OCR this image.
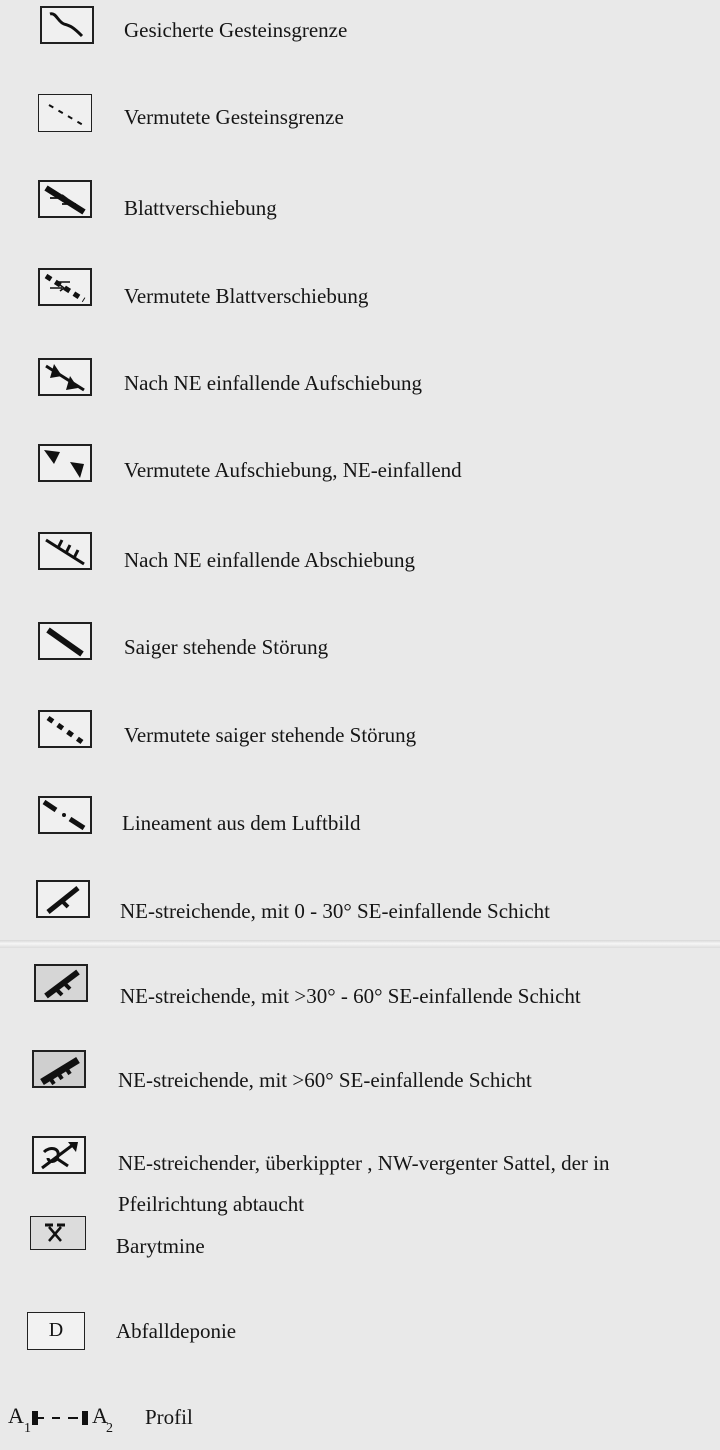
Gesicherte Gesteinsgrenze
Vermutete Gesteinsgrenze
Blattverschiebung
Vermutete Blattverschiebung
Nach NE einfallende Aufschiebung
Vermutete Aufschiebung, NE-einfallend
Nach NE einfallende Abschiebung
Saiger stehende Störung
Vermutete saiger stehende Störung
Lineament aus dem Luftbild
NE-streichende, mit 0 - 30° SE-einfallende Schicht
NE-streichende, mit >30° - 60° SE-einfallende Schicht
NE-streichende, mit >60° SE-einfallende Schicht
NE-streichender, überkippter , NW-vergenter Sattel, der in
Pfeilrichtung abtaucht
Barytmine
D	Abfalldeponie
A
1
A
2 Profil
